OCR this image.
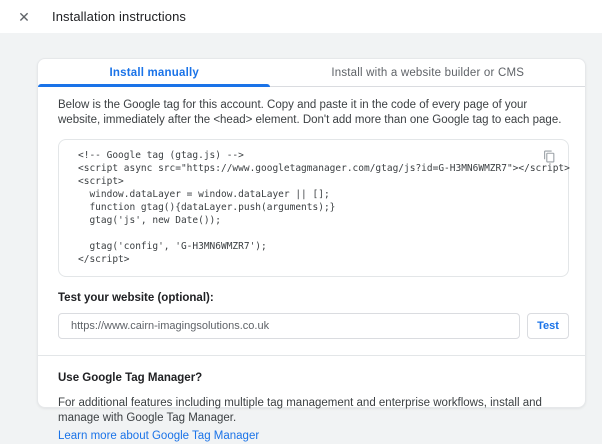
✕	Installation instructions
Install manually	Install with a website builder or CMS

Below is the Google tag for this account. Copy and paste it in the code of every page of your website, immediately after the <head> element. Don't add more than one Google tag to each page.

<!-- Google tag (gtag.js) -->
<script async src="https://www.googletagmanager.com/gtag/js?id=G-H3MN6WMZR7"></script>
<script>
window.dataLayer = window.dataLayer || [];
function gtag(){dataLayer.push(arguments);}
gtag('js', new Date());

gtag('config', 'G-H3MN6WMZR7');
</script>
Test your website (optional):
https://www.cairn-imagingsolutions.co.uk
Test
Use Google Tag Manager?

For additional features including multiple tag management and enterprise workflows, install and manage with Google Tag Manager.

Learn more about Google Tag Manager
